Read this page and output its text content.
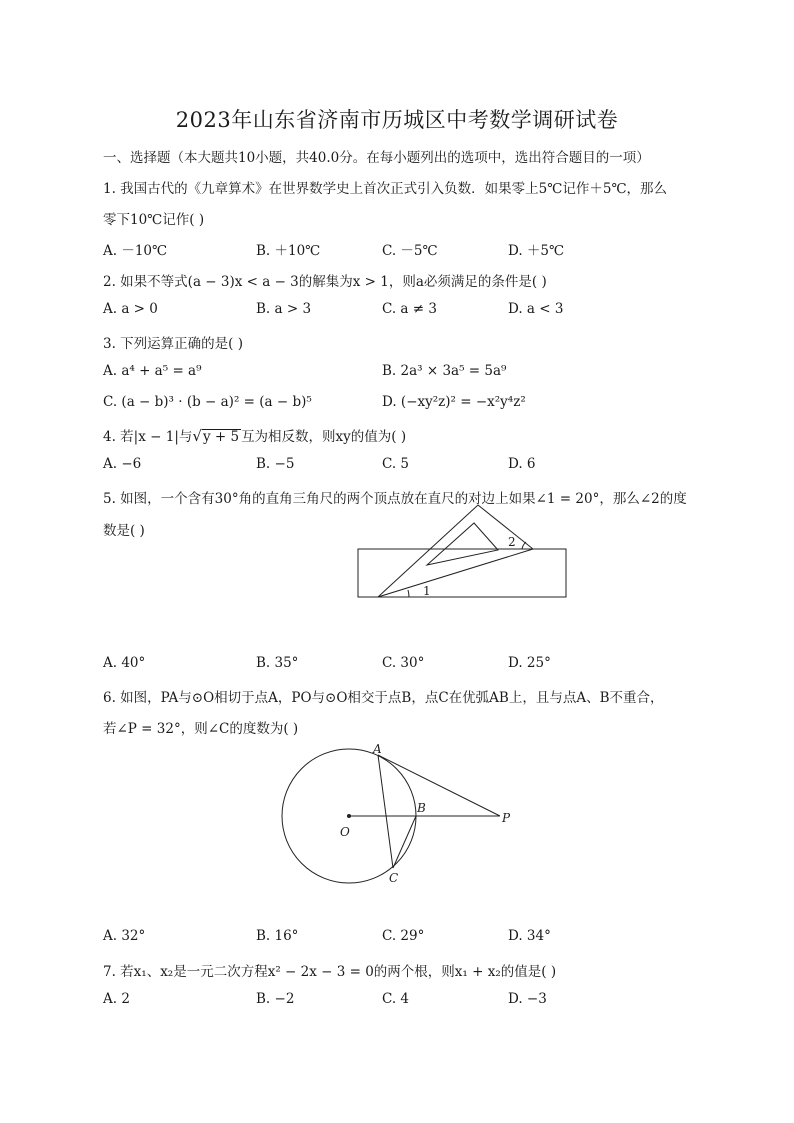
2023年山东省济南市历城区中考数学调研试卷
一、选择题（本大题共10小题，共40.0分。在每小题列出的选项中，选出符合题目的一项）
1. 我国古代的《九章算术》在世界数学史上首次正式引入负数．如果零上5℃记作＋5℃，那么
零下10℃记作( )
A. －10℃	B. ＋10℃	C. －5℃	D. ＋5℃
2. 如果不等式(a − 3)x < a − 3的解集为x > 1，则a必须满足的条件是( )
A. a > 0	B. a > 3	C. a ≠ 3	D. a < 3
3. 下列运算正确的是( )
A. a⁴ + a⁵ = a⁹	B. 2a³ × 3a⁵ = 5a⁹
C. (a − b)³ · (b − a)² = (a − b)⁵	D. (−xy²z)² = −x²y⁴z²
4. 若|x − 1|与√y + 5 互为相反数，则xy的值为( )
A. −6	B. −5	C. 5	D. 6
5. 如图，一个含有30°角的直角三角尺的两个顶点放在直尺的对边上如果∠1 = 20°，那么∠2的度
数是( )
1
2
A. 40°	B. 35°	C. 30°	D. 25°
6. 如图，PA与⊙O相切于点A，PO与⊙O相交于点B，点C在优弧AB上，且与点A、B不重合，
若∠P = 32°，则∠C的度数为( )
A
B
C
O
P
A. 32°	B. 16°	C. 29°	D. 34°
7. 若x₁、x₂是一元二次方程x² − 2x − 3 = 0的两个根，则x₁ + x₂的值是( )
A. 2	B. −2	C. 4	D. −3
